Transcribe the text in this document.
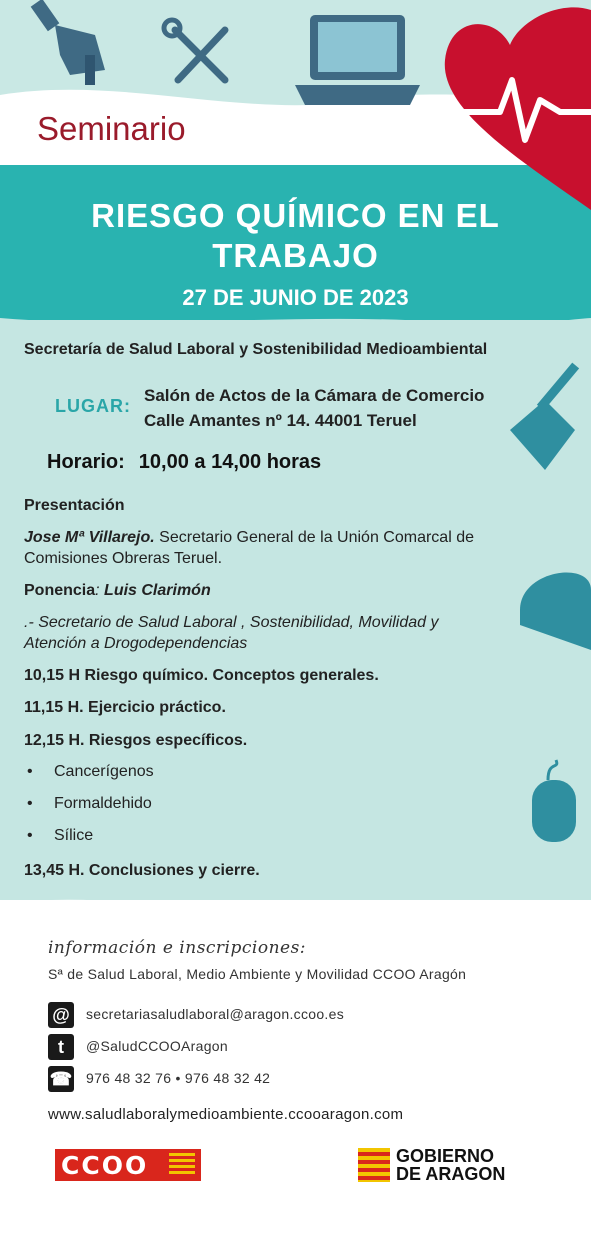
Seminario
RIESGO QUÍMICO EN EL
TRABAJO
27 DE JUNIO DE 2023
Secretaría de Salud Laboral y Sostenibilidad Medioambiental
LUGAR:
Salón de Actos de la Cámara de Comercio
Calle Amantes nº 14. 44001 Teruel
Horario: 10,00 a 14,00 horas
Presentación
Jose Mª Villarejo. Secretario General de la Unión Comarcal de
Comisiones Obreras Teruel.
Ponencia: Luis Clarimón
.- Secretario de Salud Laboral , Sostenibilidad, Movilidad y
Atención a Drogodependencias
10,15 H Riesgo químico. Conceptos generales.
11,15 H. Ejercicio práctico.
12,15 H. Riesgos específicos.
• Cancerígenos
• Formaldehido
• Sílice
13,45 H. Conclusiones y cierre.
información e inscripciones:
Sª de Salud Laboral, Medio Ambiente y Movilidad CCOO Aragón
@	secretariasaludlaboral@aragon.ccoo.es
t	@SaludCCOOAragon
☎ 976 48 32 76 • 976 48 32 42
www.saludlaboralymedioambiente.ccooaragon.com
CCOO	GOBIERNO
DE ARAGON
